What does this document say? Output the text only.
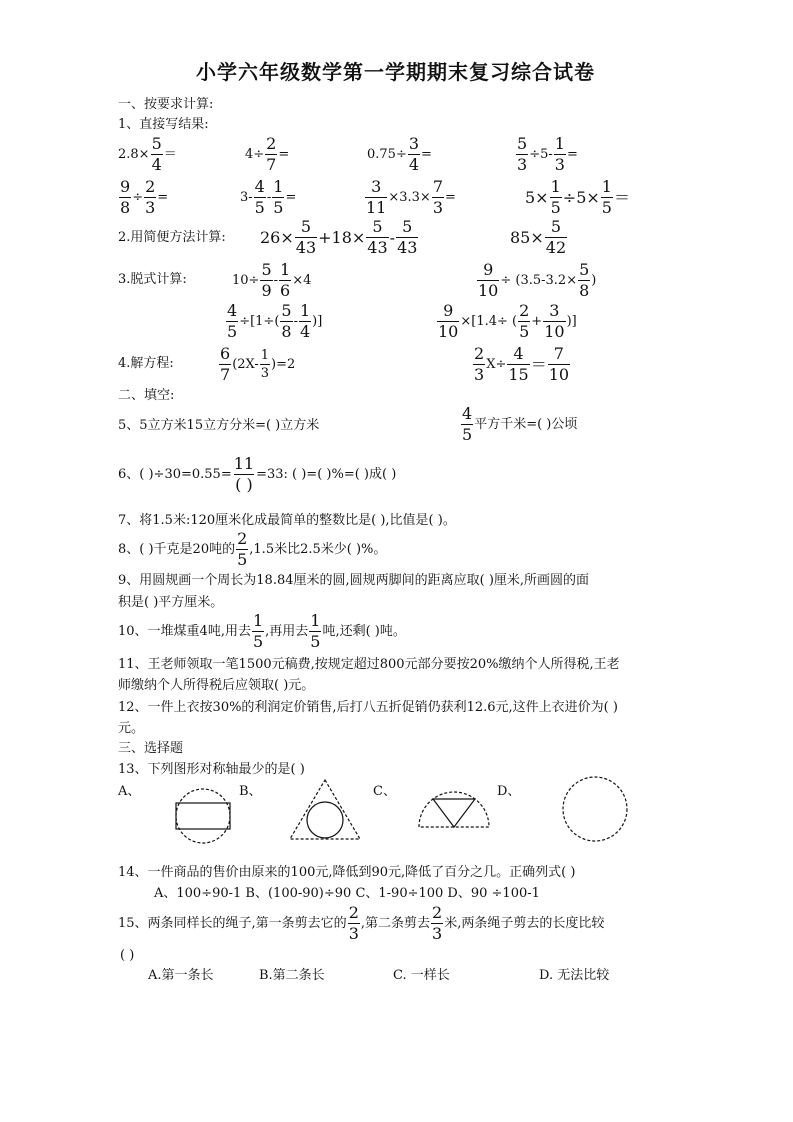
小学六年级数学第一学期期末复习综合试卷
一、按要求计算:
1、直接写结果:
$2.8\times \frac{5}{4}$ ＝	$4\div \frac{2}{7}$ =	$0.75\div \frac{3}{4}$ =	$\frac{5}{3} \div 5- \frac{1}{3}$ =
$\frac{9}{8} \div \frac{2}{3}$ =	$3- \frac{4}{5} - \frac{1}{5}$ =	$\frac{3}{11} \times 3.3\times \frac{7}{3}$ =	$5\times \frac{1}{5} \div 5\times \frac{1}{5}$ ＝
2.用简便方法计算: $26\times \frac{5}{43} +18\times \frac{5}{43} - \frac{5}{43}$	$85\times \frac{5}{42}$
3.脱式计算:	$10\div \frac{5}{9} - \frac{1}{6} \times 4$	$\frac{9}{10} \div (3.5-3.2\times \frac{5}{8}$ )
$\frac{4}{5} \div[1\div( \frac{5}{8} - \frac{1}{4}$ )]	$\frac{9}{10} \times[1.4\div$ ( $\frac{2}{5} + \frac{3}{10}$ )]
4.解方程:	$\frac{6}{7} (2X- \frac{1}{3} )=2$	$\frac{2}{3} X\div \frac{4}{15} = \frac{7}{10}$
二、填空:
5、5立方米15立方分米=( )立方米	$\frac{4}{5}$ 平方千米=( )公顷
6、( )$\div 30=0.55= \frac{11}{( )} =33$: ( )=( )%=( )成( )
7、将1.5米:120厘米化成最简单的整数比是( ),比值是( )。
8、( )千克是20吨的 $\frac{2}{5} ,1.5$米比2.5米少( )%。
9、用圆规画一个周长为18.84厘米的圆,圆规两脚间的距离应取( )厘米,所画圆的面
积是( )平方厘米。
10、一堆煤重4吨,用去 $\frac{1}{5}$ ,再用去 $\frac{1}{5}$ 吨,还剩( )吨。
11、王老师领取一笔1500元稿费,按规定超过800元部分要按20%缴纳个人所得税,王老
师缴纳个人所得税后应领取( )元。
12、一件上衣按30%的利润定价销售,后打八五折促销仍获利12.6元,这件上衣进价为( )
元。
三、选择题
13、下列图形对称轴最少的是( )
A、	B、	C、	D、
14、一件商品的售价由原来的100元,降低到90元,降低了百分之几。正确列式( )
A、100÷90-1 B、(100-90)÷90 C、1-90÷100 D、90 ÷100-1
15、两条同样长的绳子,第一条剪去它的 $\frac{2}{3}$ ,第二条剪去 $\frac{2}{3}$ 米,两条绳子剪去的长度比较
( )
A.第一条长	B.第二条长	C. 一样长	D. 无法比较
